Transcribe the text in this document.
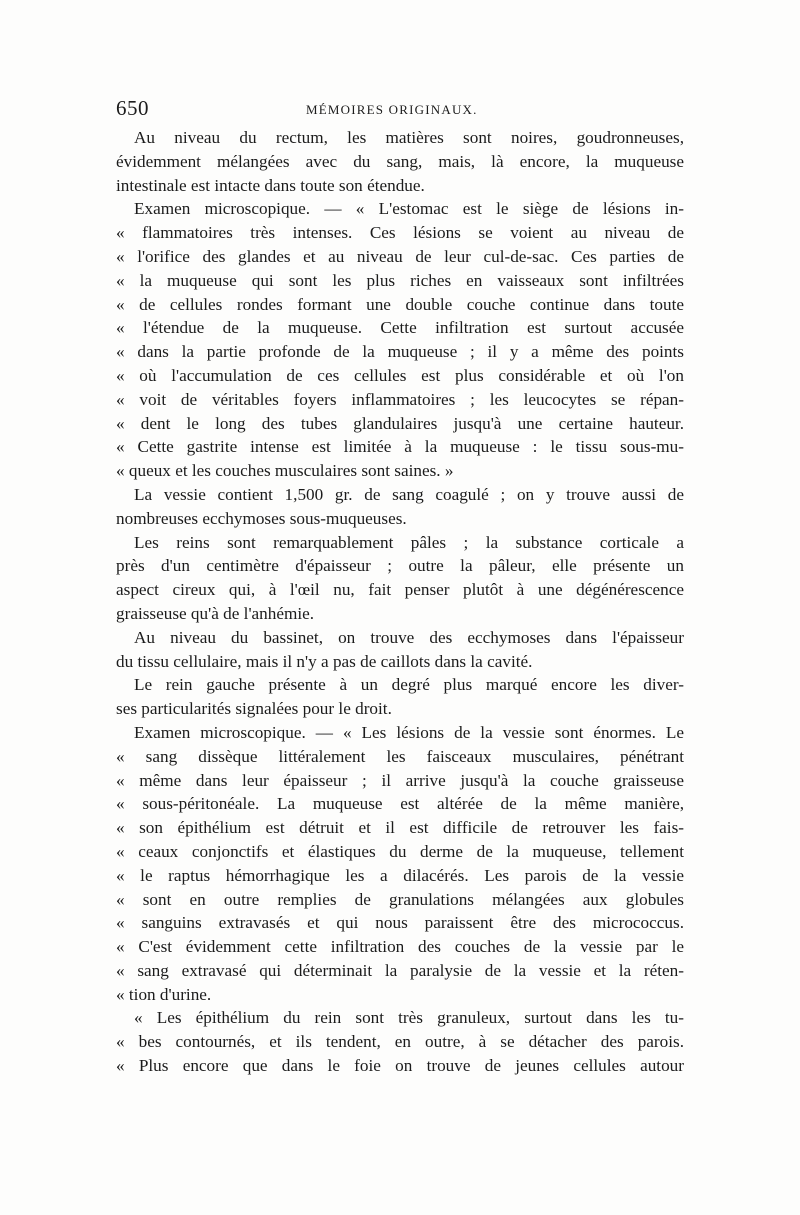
650	MÉMOIRES ORIGINAUX.
Au niveau du rectum, les matières sont noires, goudronneuses,
évidemment mélangées avec du sang, mais, là encore, la muqueuse
intestinale est intacte dans toute son étendue.
Examen microscopique. — « L'estomac est le siège de lésions in-
« flammatoires très intenses. Ces lésions se voient au niveau de
« l'orifice des glandes et au niveau de leur cul-de-sac. Ces parties de
« la muqueuse qui sont les plus riches en vaisseaux sont infiltrées
« de cellules rondes formant une double couche continue dans toute
« l'étendue de la muqueuse. Cette infiltration est surtout accusée
« dans la partie profonde de la muqueuse ; il y a même des points
« où l'accumulation de ces cellules est plus considérable et où l'on
« voit de véritables foyers inflammatoires ; les leucocytes se répan-
« dent le long des tubes glandulaires jusqu'à une certaine hauteur.
« Cette gastrite intense est limitée à la muqueuse : le tissu sous-mu-
« queux et les couches musculaires sont saines. »
La vessie contient 1,500 gr. de sang coagulé ; on y trouve aussi de
nombreuses ecchymoses sous-muqueuses.
Les reins sont remarquablement pâles ; la substance corticale a
près d'un centimètre d'épaisseur ; outre la pâleur, elle présente un
aspect cireux qui, à l'œil nu, fait penser plutôt à une dégénérescence
graisseuse qu'à de l'anhémie.
Au niveau du bassinet, on trouve des ecchymoses dans l'épaisseur
du tissu cellulaire, mais il n'y a pas de caillots dans la cavité.
Le rein gauche présente à un degré plus marqué encore les diver-
ses particularités signalées pour le droit.
Examen microscopique. — « Les lésions de la vessie sont énormes. Le
« sang dissèque littéralement les faisceaux musculaires, pénétrant
« même dans leur épaisseur ; il arrive jusqu'à la couche graisseuse
« sous-péritonéale. La muqueuse est altérée de la même manière,
« son épithélium est détruit et il est difficile de retrouver les fais-
« ceaux conjonctifs et élastiques du derme de la muqueuse, tellement
« le raptus hémorrhagique les a dilacérés. Les parois de la vessie
« sont en outre remplies de granulations mélangées aux globules
« sanguins extravasés et qui nous paraissent être des micrococcus.
« C'est évidemment cette infiltration des couches de la vessie par le
« sang extravasé qui déterminait la paralysie de la vessie et la réten-
« tion d'urine.
« Les épithélium du rein sont très granuleux, surtout dans les tu-
« bes contournés, et ils tendent, en outre, à se détacher des parois.
« Plus encore que dans le foie on trouve de jeunes cellules autour
